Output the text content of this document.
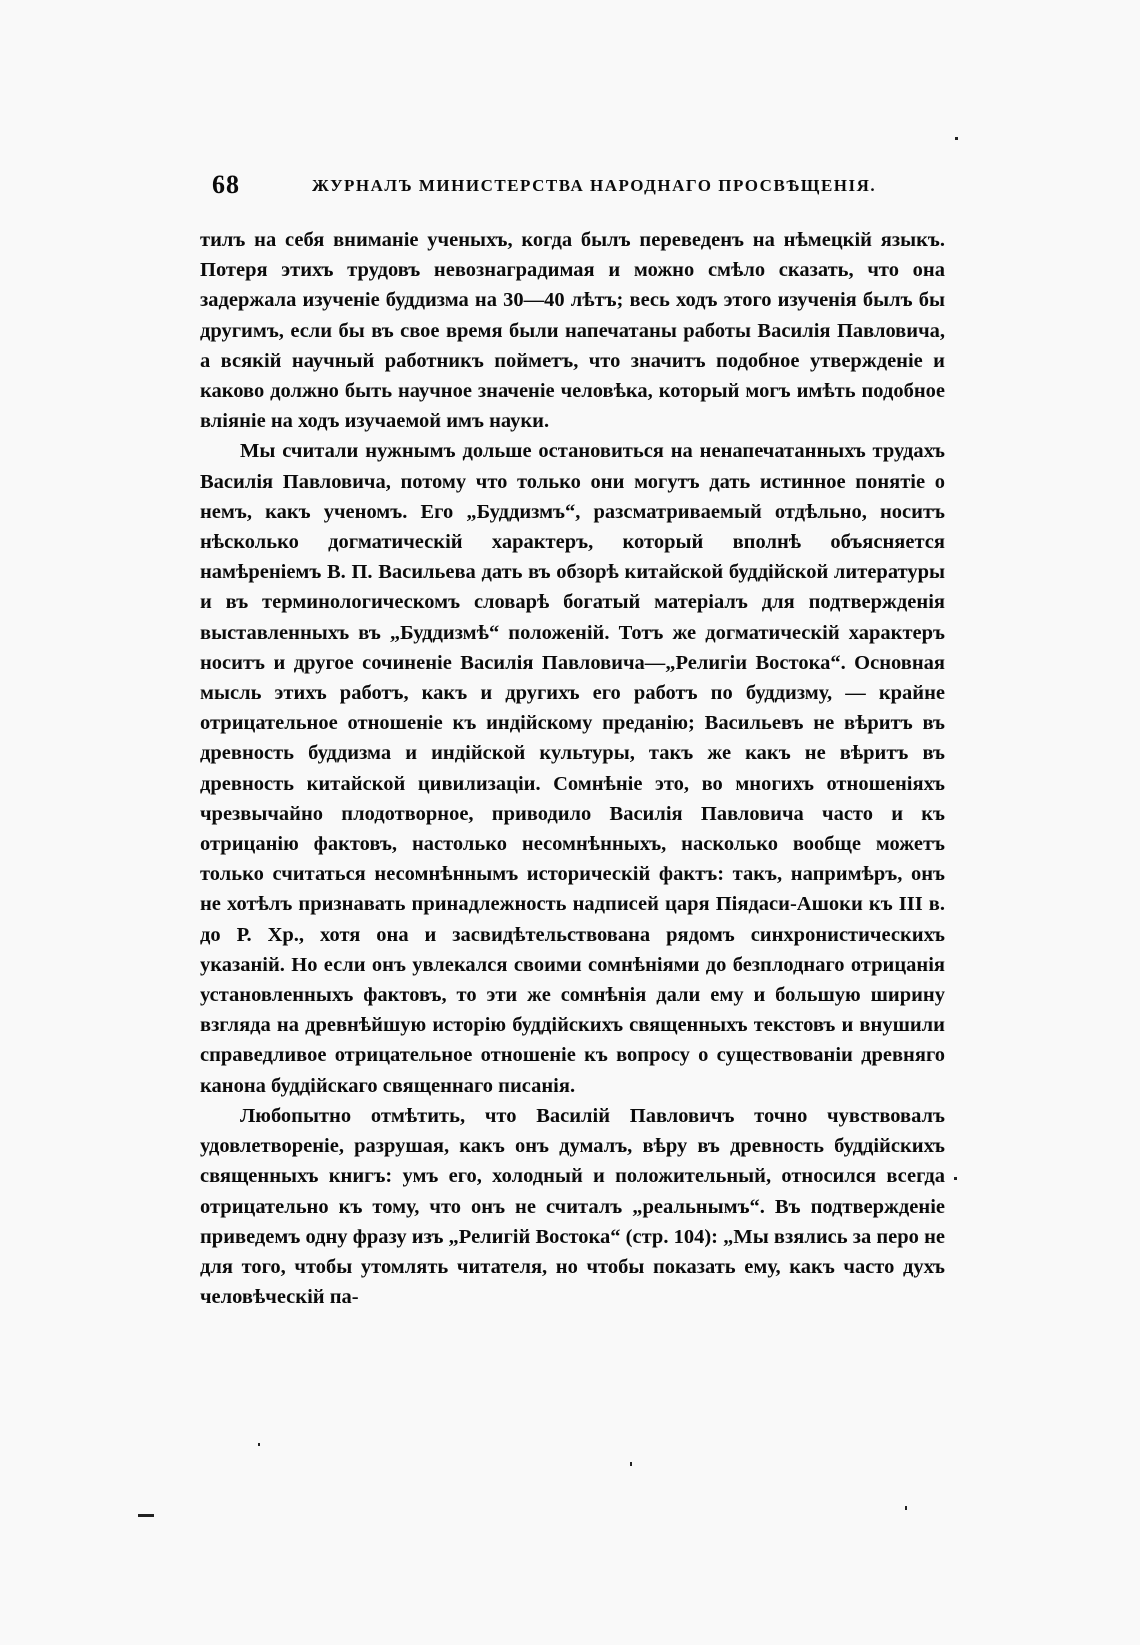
68	ЖУРНАЛЪ МИНИСТЕРСТВА НАРОДНАГО ПРОСВѢЩЕНІЯ.

тилъ на себя вниманіе ученыхъ, когда былъ переведенъ на нѣмецкій языкъ. Потеря этихъ трудовъ невознаградимая и можно смѣло сказать, что она задержала изученіе буддизма на 30—40 лѣтъ; весь ходъ этого изученія былъ бы другимъ, если бы въ свое время были напечатаны работы Василія Павловича, а всякій научный работникъ пойметъ, что значитъ подобное утвержденіе и каково должно быть научное значеніе человѣка, который могъ имѣть подобное вліяніе на ходъ изучаемой имъ науки.

Мы считали нужнымъ дольше остановиться на ненапечатанныхъ трудахъ Василія Павловича, потому что только они могутъ дать истинное понятіе о немъ, какъ ученомъ. Его „Буддизмъ“, разсматриваемый отдѣльно, носитъ нѣсколько догматическій характеръ, который вполнѣ объясняется намѣреніемъ В. П. Васильева дать въ обзорѣ китайской буддійской литературы и въ терминологическомъ словарѣ богатый матеріалъ для подтвержденія выставленныхъ въ „Буддизмѣ“ положеній. Тотъ же догматическій характеръ носитъ и другое сочиненіе Василія Павловича—„Религіи Востока“. Основная мысль этихъ работъ, какъ и другихъ его работъ по буддизму, — крайне отрицательное отношеніе къ индійскому преданію; Васильевъ не вѣритъ въ древность буддизма и индійской культуры, такъ же какъ не вѣритъ въ древность китайской цивилизаціи. Сомнѣніе это, во многихъ отношеніяхъ чрезвычайно плодотворное, приводило Василія Павловича часто и къ отрицанію фактовъ, настолько несомнѣнныхъ, насколько вообще можетъ только считаться несомнѣннымъ историческій фактъ: такъ, напримѣръ, онъ не хотѣлъ признавать принадлежность надписей царя Піядаси-Ашоки къ III в. до Р. Хр., хотя она и засвидѣтельствована рядомъ синхронистическихъ указаній. Но если онъ увлекался своими сомнѣніями до безплоднаго отрицанія установленныхъ фактовъ, то эти же сомнѣнія дали ему и большую ширину взгляда на древнѣйшую исторію буддійскихъ священныхъ текстовъ и внушили справедливое отрицательное отношеніе къ вопросу о существованіи древняго канона буддійскаго священнаго писанія.

Любопытно отмѣтить, что Василій Павловичъ точно чувствовалъ удовлетвореніе, разрушая, какъ онъ думалъ, вѣру въ древность буддійскихъ священныхъ книгъ: умъ его, холодный и положительный, относился всегда отрицательно къ тому, что онъ не считалъ „реальнымъ“. Въ подтвержденіе приведемъ одну фразу изъ „Религій Востока“ (стр. 104): „Мы взялись за перо не для того, чтобы утомлять читателя, но чтобы показать ему, какъ часто духъ человѣческій па-
